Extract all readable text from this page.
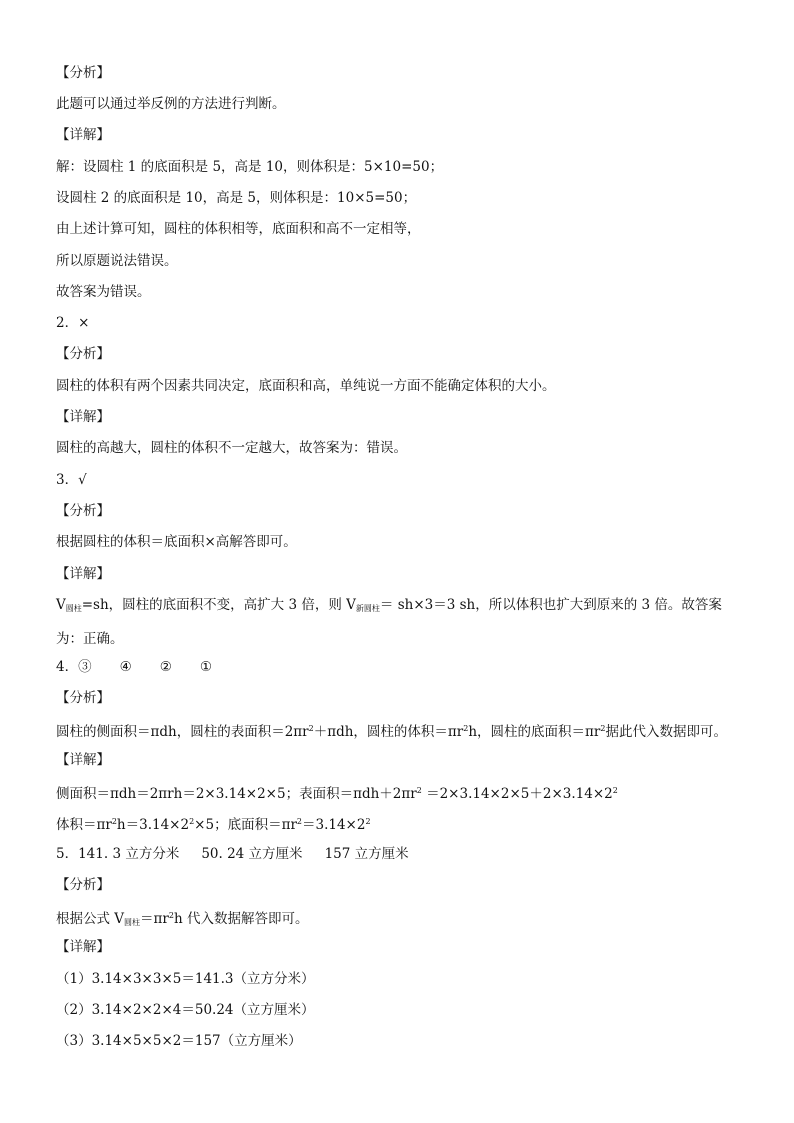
【分析】
此题可以通过举反例的方法进行判断。
【详解】
解：设圆柱 1 的底面积是 5，高是 10，则体积是：5×10=50；
设圆柱 2 的底面积是 10，高是 5，则体积是：10×5=50；
由上述计算可知，圆柱的体积相等，底面积和高不一定相等，
所以原题说法错误。
故答案为错误。
2．×
【分析】
圆柱的体积有两个因素共同决定，底面积和高，单纯说一方面不能确定体积的大小。
【详解】
圆柱的高越大，圆柱的体积不一定越大，故答案为：错误。
3．√
【分析】
根据圆柱的体积＝底面积×高解答即可。
【详解】
$V_{圆柱}=sh$，圆柱的底面积不变，高扩大 3 倍，则 $V_{新圆柱}= sh\times 3=3$ sh，所以体积也扩大到原来的 3 倍。故答案为：正确。
4．③ ④ ② ①
【分析】
圆柱的侧面积＝πdh，圆柱的表面积$=2\pi r^2+\pi dh$，圆柱的体积$=\pi r^2h$，圆柱的底面积$=\pi r^2$据此代入数据即可。
【详解】
侧面积＝πdh＝2πrh＝2×3.14×2×5；表面积$=\pi dh+2\pi r^2 =2\times 3.14\times 2\times 5+2\times 3.14\times 2^2$
体积$=\pi r^2h=3.14\times 2^2\times 5$；底面积$=\pi r^2=3.14\times 2^2$
5．141. 3 立方分米 50. 24 立方厘米 157 立方厘米
【分析】
根据公式 $V_{圆柱}=\pi r^2h$ 代入数据解答即可。
【详解】
（1）3.14×3×3×5＝141.3（立方分米）
（2）3.14×2×2×4＝50.24（立方厘米）
（3）3.14×5×5×2＝157（立方厘米）
